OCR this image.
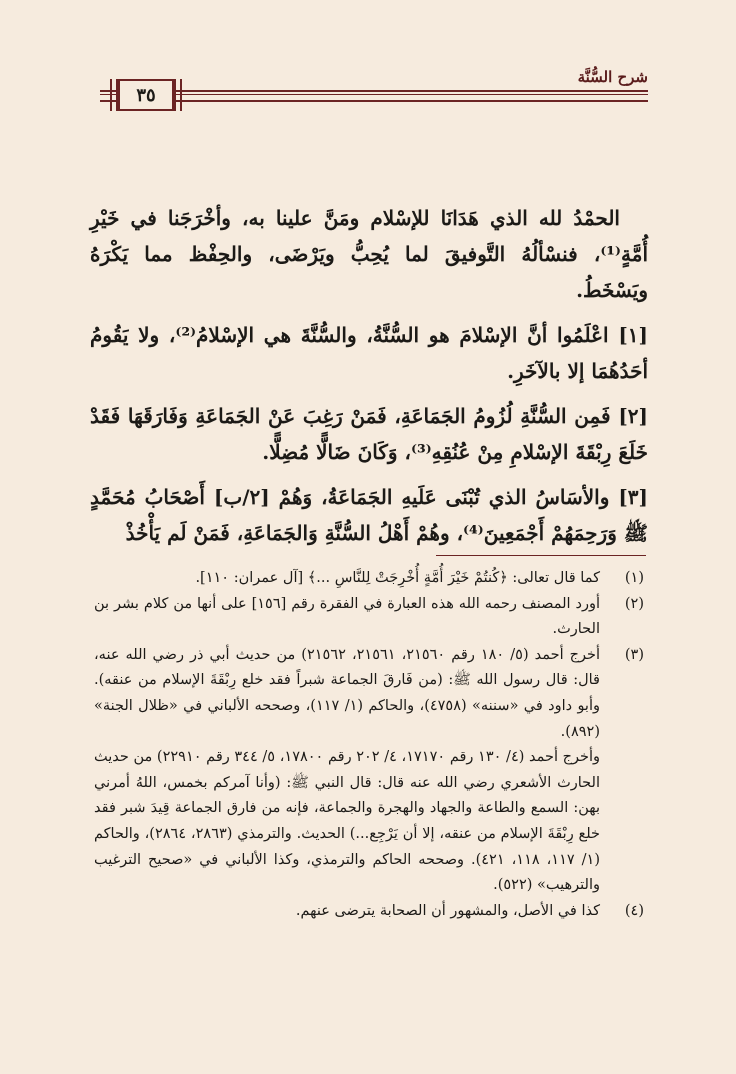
شرح السُّنَّة
٣٥

الحمْدُ لله الذي هَدَانَا للإسْلام ومَنَّ علينا به، وأخْرَجَنا في خَيْرِ أُمَّةٍ⁽¹⁾، فنسْألُهُ التَّوفيقَ لما يُحِبُّ ويَرْضَى، والحِفْظ مما يَكْرَهُ ويَسْخَطُ.

[١] اعْلَمُوا أنَّ الإسْلامَ هو السُّنَّةُ، والسُّنَّةَ هي الإسْلامُ⁽²⁾، ولا يَقُومُ أحَدُهُمَا إلا بالآخَرِ.

[٢] فَمِن السُّنَّةِ لُزُومُ الجَمَاعَةِ، فَمَنْ رَغِبَ عَنْ الجَمَاعَةِ وَفَارَقَهَا فَقَدْ خَلَعَ رِبْقَةَ الإسْلامِ مِنْ عُنُقِهِ⁽³⁾، وَكَانَ ضَالًّا مُضِلًّا.

[٣] والأسَاسُ الذي تُبْنَى عَلَيهِ الجَمَاعَةُ، وَهُمْ [٢/ب] أَصْحَابُ مُحَمَّدٍ ﷺ وَرَحِمَهُمْ أَجْمَعِينَ⁽⁴⁾، وهُمْ أَهْلُ السُّنَّةِ وَالجَمَاعَةِ، فَمَنْ لَم يَأْخُذْ

(١)

كما قال تعالى: ﴿كُنتُمْ خَيْرَ أُمَّةٍ أُخْرِجَتْ لِلنَّاسِ ...﴾ [آل عمران: ١١٠].

(٢)

أورد المصنف رحمه الله هذه العبارة في الفقرة رقم [١٥٦] على أنها من كلام بشر بن الحارث.

(٣)

أخرج أحمد (٥/ ١٨٠ رقم ٢١٥٦٠، ٢١٥٦١، ٢١٥٦٢) من حديث أبي ذر رضي الله عنه، قال: قال رسول الله ﷺ: (من فَارقَ الجماعة شبراً فقد خلع رِبْقَةَ الإسلام من عنقه). وأبو داود في «سننه» (٤٧٥٨)، والحاكم (١/ ١١٧)، وصححه الألباني في «ظلال الجنة» (٨٩٢).

وأخرج أحمد (٤/ ١٣٠ رقم ١٧١٧٠، ٤/ ٢٠٢ رقم ١٧٨٠٠، ٥/ ٣٤٤ رقم ٢٢٩١٠) من حديث الحارث الأشعري رضي الله عنه قال: قال النبي ﷺ: (وأنا آمركم بخمس، اللهُ أمرني بهن: السمع والطاعة والجهاد والهجرة والجماعة، فإنه من فارق الجماعة قِيدَ شبر فقد خلع رِبْقَةَ الإسلام من عنقه، إلا أن يَرْجِع...) الحديث. والترمذي (٢٨٦٣، ٢٨٦٤)، والحاكم (١/ ١١٧، ١١٨، ٤٢١). وصححه الحاكم والترمذي، وكذا الألباني في «صحيح الترغيب والترهيب» (٥٢٢).

(٤)

كذا في الأصل، والمشهور أن الصحابة يترضى عنهم.
